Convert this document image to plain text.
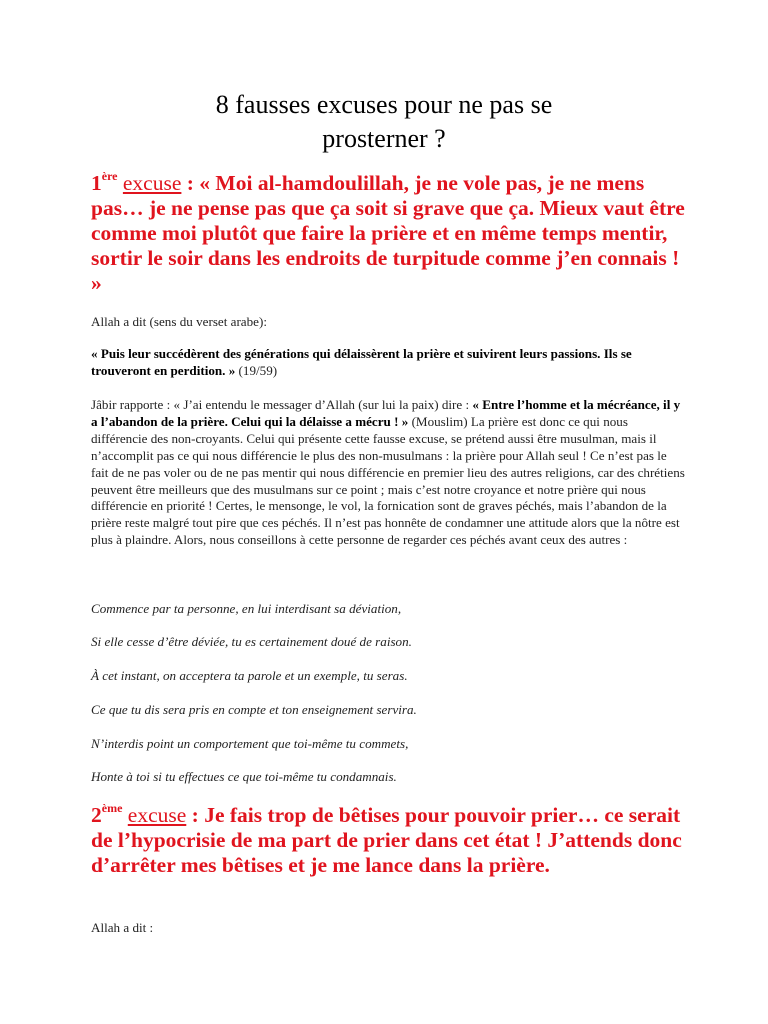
8 fausses excuses pour ne pas se
prosterner ?
1ère excuse : « Moi al-hamdoulillah, je ne vole pas, je ne mens pas… je ne pense pas que ça soit si grave que ça. Mieux vaut être comme moi plutôt que faire la prière et en même temps mentir, sortir le soir dans les endroits de turpitude comme j’en connais ! »
Allah a dit (sens du verset arabe):
« Puis leur succédèrent des générations qui délaissèrent la prière et suivirent leurs passions. Ils se trouveront en perdition. » (19/59)
Jâbir rapporte : « J’ai entendu le messager d’Allah (sur lui la paix) dire : « Entre l’homme et la mécréance, il y a l’abandon de la prière. Celui qui la délaisse a mécru ! » (Mouslim) La prière est donc ce qui nous différencie des non-croyants. Celui qui présente cette fausse excuse, se prétend aussi être musulman, mais il n’accomplit pas ce qui nous différencie le plus des non-musulmans : la prière pour Allah seul ! Ce n’est pas le fait de ne pas voler ou de ne pas mentir qui nous différencie en premier lieu des autres religions, car des chrétiens peuvent être meilleurs que des musulmans sur ce point ; mais c’est notre croyance et notre prière qui nous différencie en priorité ! Certes, le mensonge, le vol, la fornication sont de graves péchés, mais l’abandon de la prière reste malgré tout pire que ces péchés. Il n’est pas honnête de condamner une attitude alors que la nôtre est plus à plaindre. Alors, nous conseillons à cette personne de regarder ces péchés avant ceux des autres :
Commence par ta personne, en lui interdisant sa déviation,
Si elle cesse d’être déviée, tu es certainement doué de raison.
À cet instant, on acceptera ta parole et un exemple, tu seras.
Ce que tu dis sera pris en compte et ton enseignement servira.
N’interdis point un comportement que toi-même tu commets,
Honte à toi si tu effectues ce que toi-même tu condamnais.
2ème excuse : Je fais trop de bêtises pour pouvoir prier… ce serait de l’hypocrisie de ma part de prier dans cet état ! J’attends donc d’arrêter mes bêtises et je me lance dans la prière.
Allah a dit :
